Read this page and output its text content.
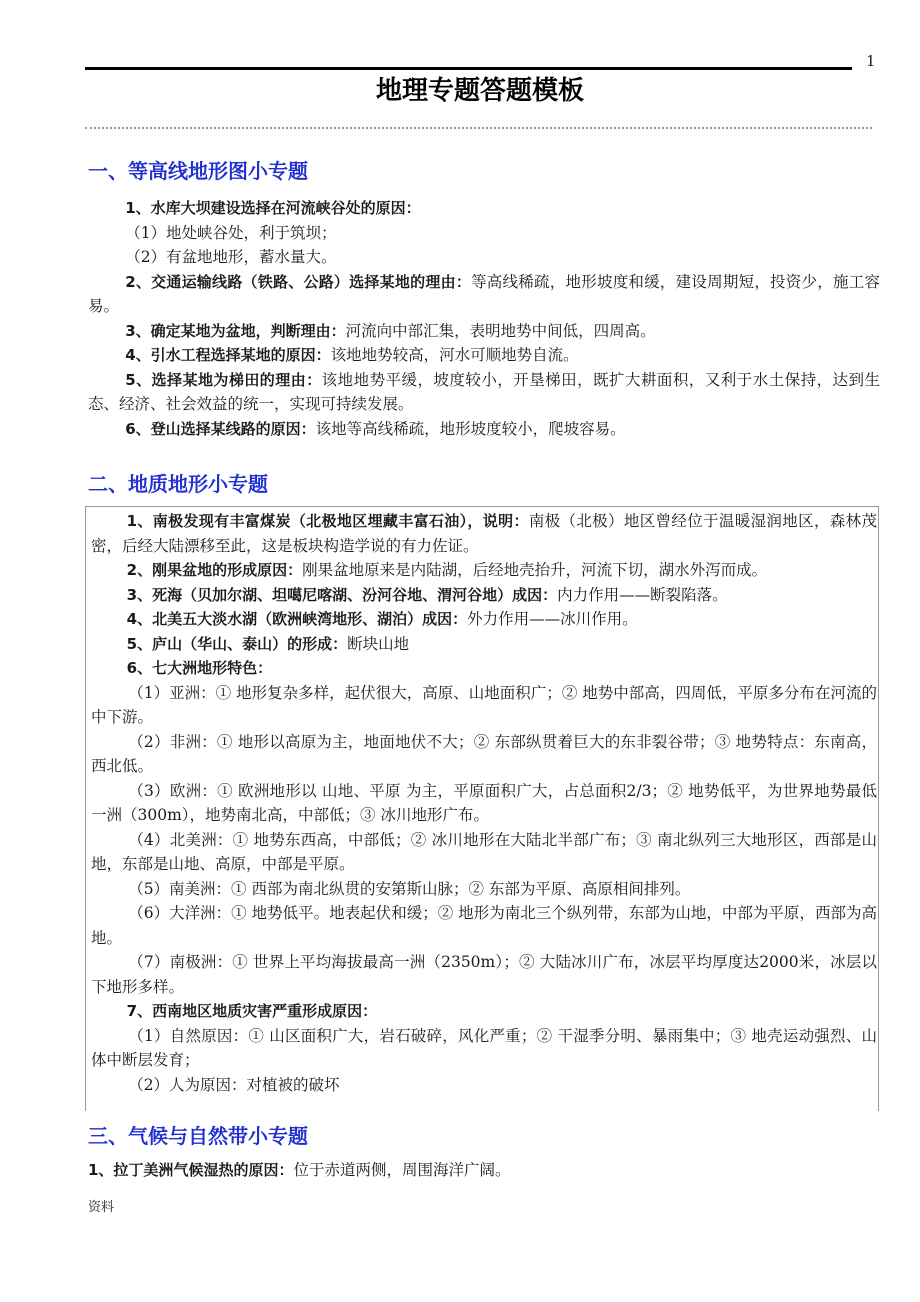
1
地理专题答题模板
一、等高线地形图小专题

1、水库大坝建设选择在河流峡谷处的原因：

（1）地处峡谷处，利于筑坝；

（2）有盆地地形，蓄水量大。

2、交通运输线路（铁路、公路）选择某地的理由：等高线稀疏，地形坡度和缓，建设周期短，投资少，施工容易。

3、确定某地为盆地，判断理由：河流向中部汇集，表明地势中间低，四周高。

4、引水工程选择某地的原因：该地地势较高，河水可顺地势自流。

5、选择某地为梯田的理由：该地地势平缓，坡度较小，开垦梯田，既扩大耕面积，又利于水土保持，达到生态、经济、社会效益的统一，实现可持续发展。

6、登山选择某线路的原因：该地等高线稀疏，地形坡度较小，爬坡容易。

二、地质地形小专题

1、南极发现有丰富煤炭（北极地区埋藏丰富石油），说明：南极（北极）地区曾经位于温暖湿润地区，森林茂密，后经大陆漂移至此，这是板块构造学说的有力佐证。

2、刚果盆地的形成原因：刚果盆地原来是内陆湖，后经地壳抬升，河流下切，湖水外泻而成。

3、死海（贝加尔湖、坦噶尼喀湖、汾河谷地、渭河谷地）成因：内力作用——断裂陷落。

4、北美五大淡水湖（欧洲峡湾地形、湖泊）成因：外力作用——冰川作用。

5、庐山（华山、泰山）的形成：断块山地

6、七大洲地形特色：

（1）亚洲：① 地形复杂多样，起伏很大，高原、山地面积广；② 地势中部高，四周低，平原多分布在河流的中下游。

（2）非洲：① 地形以高原为主，地面地伏不大；② 东部纵贯着巨大的东非裂谷带；③ 地势特点：东南高，西北低。

（3）欧洲：① 欧洲地形以 山地、平原 为主，平原面积广大，占总面积2/3；② 地势低平，为世界地势最低一洲（300m），地势南北高，中部低；③ 冰川地形广布。

（4）北美洲：① 地势东西高，中部低；② 冰川地形在大陆北半部广布；③ 南北纵列三大地形区，西部是山地，东部是山地、高原，中部是平原。

（5）南美洲：① 西部为南北纵贯的安第斯山脉；② 东部为平原、高原相间排列。

（6）大洋洲：① 地势低平。地表起伏和缓；② 地形为南北三个纵列带，东部为山地，中部为平原，西部为高地。

（7）南极洲：① 世界上平均海拔最高一洲（2350m）；② 大陆冰川广布，冰层平均厚度达2000米，冰层以下地形多样。

7、西南地区地质灾害严重形成原因：

（1）自然原因：① 山区面积广大，岩石破碎，风化严重；② 干湿季分明、暴雨集中；③ 地壳运动强烈、山体中断层发育；

（2）人为原因：对植被的破坏

三、气候与自然带小专题

1、拉丁美洲气候湿热的原因：位于赤道两侧，周围海洋广阔。

资料
